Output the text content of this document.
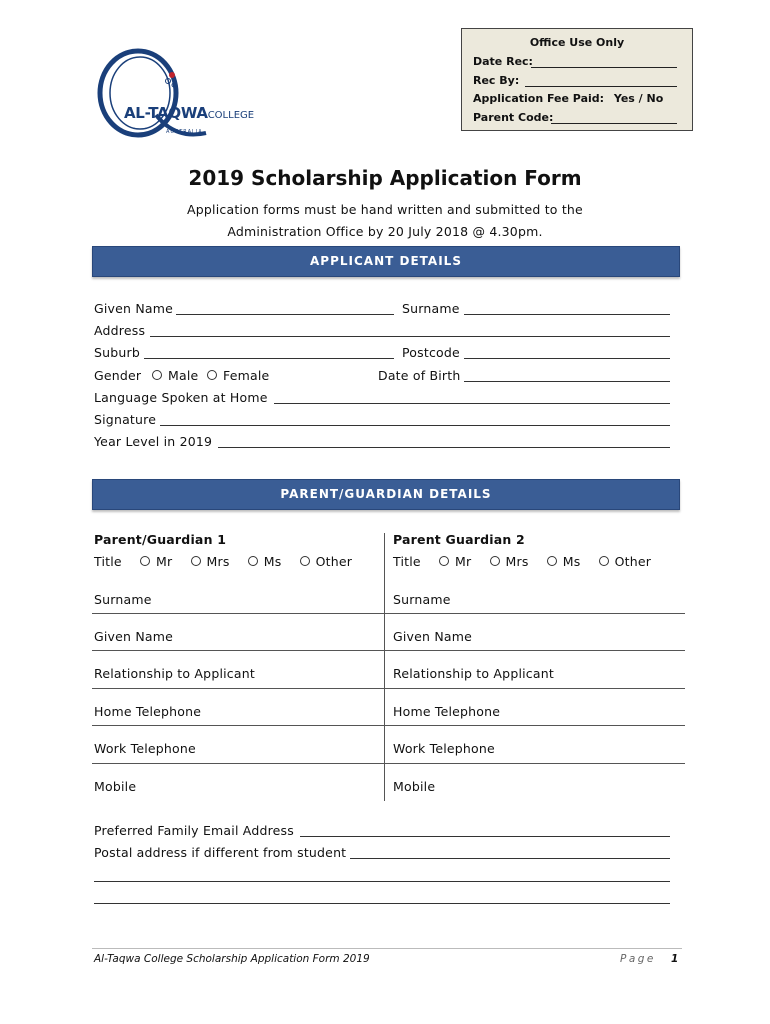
AL-TAQWACOLLEGE
AUSTRALIA
Office Use Only
Date Rec:
Rec By:
Application Fee Paid: Yes / No
Parent Code:
2019 Scholarship Application Form
Application forms must be hand written and submitted to the
Administration Office by 20 July 2018 @ 4.30pm.
APPLICANT DETAILS
Given Name	Surname
Address
Suburb	Postcode
Gender	Male	Female	Date of Birth
Language Spoken at Home
Signature
Year Level in 2019
PARENT/GUARDIAN DETAILS
Parent/Guardian 1	Parent Guardian 2
Title	Mr	Mrs	Ms	Other	Title	Mr	Mrs	Ms	Other
Surname	Surname
Given Name	Given Name
Relationship to Applicant	Relationship to Applicant
Home Telephone	Home Telephone
Work Telephone	Work Telephone
Mobile	Mobile
Preferred Family Email Address
Postal address if different from student
Al-Taqwa College Scholarship Application Form 2019	Page 1
